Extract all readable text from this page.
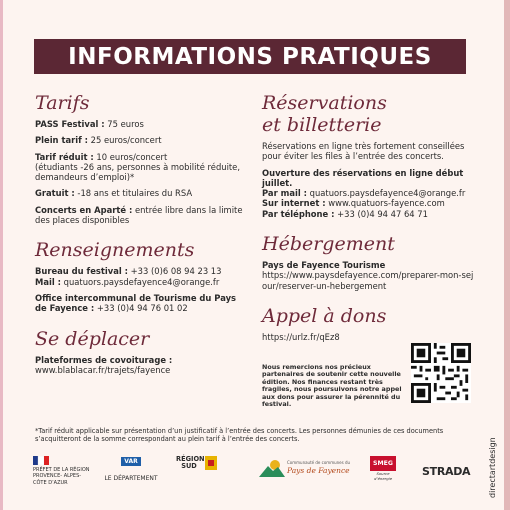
INFORMATIONS PRATIQUES
Tarifs
PASS Festival : 75 euros
Plein tarif : 25 euros/concert
Tarif réduit : 10 euros/concert
(étudiants -26 ans, personnes à mobilité réduite, demandeurs d’emploi)*
Gratuit : -18 ans et titulaires du RSA
Concerts en Aparté : entrée libre dans la limite des places disponibles
Renseignements
Bureau du festival : +33 (0)6 08 94 23 13
Mail : quatuors.paysdefayence4@orange.fr
Office intercommunal de Tourisme du Pays de Fayence : +33 (0)4 94 76 01 02
Se déplacer
Plateformes de covoiturage :
www.blablacar.fr/trajets/fayence
Réservations
et billetterie
Réservations en ligne très fortement conseillées pour éviter les files à l’entrée des concerts.
Ouverture des réservations en ligne début juillet.
Par mail : quatuors.paysdefayence4@orange.fr
Sur internet : www.quatuors-fayence.com
Par téléphone : +33 (0)4 94 47 64 71
Hébergement
Pays de Fayence Tourisme
https://www.paysdefayence.com/preparer-mon-sejour/reserver-un-hebergement
Appel à dons
https://urlz.fr/qEz8
Nous remercions nos précieux partenaires de soutenir cette nouvelle édition. Nos finances restant très fragiles, nous poursuivons notre appel aux dons pour assurer la pérennité du festival.
*Tarif réduit applicable sur présentation d’un justificatif à l’entrée des concerts. Les personnes démunies de ces documents s’acquitteront de la somme correspondant au plein tarif à l’entrée des concerts.
PRÉFET DE LA RÉGION PROVENCE- ALPES- CÔTE D’AZUR
VAR
LE DÉPARTEMENT
RÉGION SUD	Communauté de communes du
Pays de Fayence
SMEG
Source d’énergie
STRADA directartdesign
